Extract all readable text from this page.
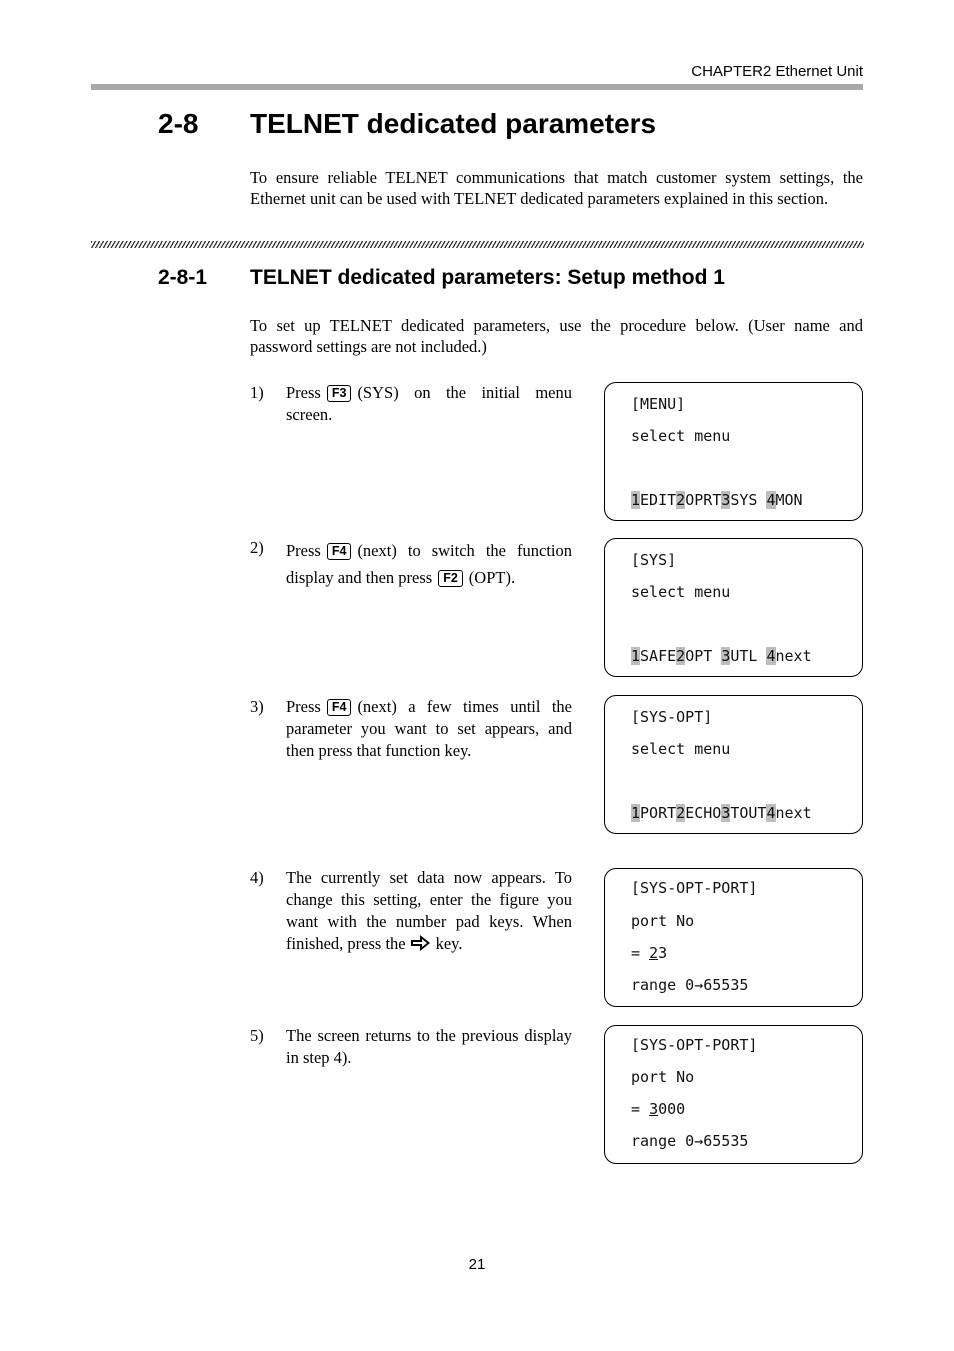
CHAPTER2 Ethernet Unit
2-8 TELNET dedicated parameters
To ensure reliable TELNET communications that match customer system settings, the Ethernet unit can be used with TELNET dedicated parameters explained in this section.
2-8-1 TELNET dedicated parameters: Setup method 1
To set up TELNET dedicated parameters, use the procedure below. (User name and password settings are not included.)
1) Press F3 (SYS) on the initial menu screen.
2) Press F4 (next) to switch the function display and then press F2 (OPT).
3) Press F4 (next) a few times until the parameter you want to set appears, and then press that function key.
4) The currently set data now appears. To change this setting, enter the figure you want with the number pad keys. When finished, press the key.
5) The screen returns to the previous display in step 4).
[MENU]
select menu
1EDIT2OPRT3SYS 4MON
[SYS]
select menu
1SAFE2OPT 3UTL 4next
[SYS-OPT]
select menu
1PORT2ECHO3TOUT4next
[SYS-OPT-PORT]
port No
= 23
range 0→65535
[SYS-OPT-PORT]
port No
= 3000
range 0→65535
21
